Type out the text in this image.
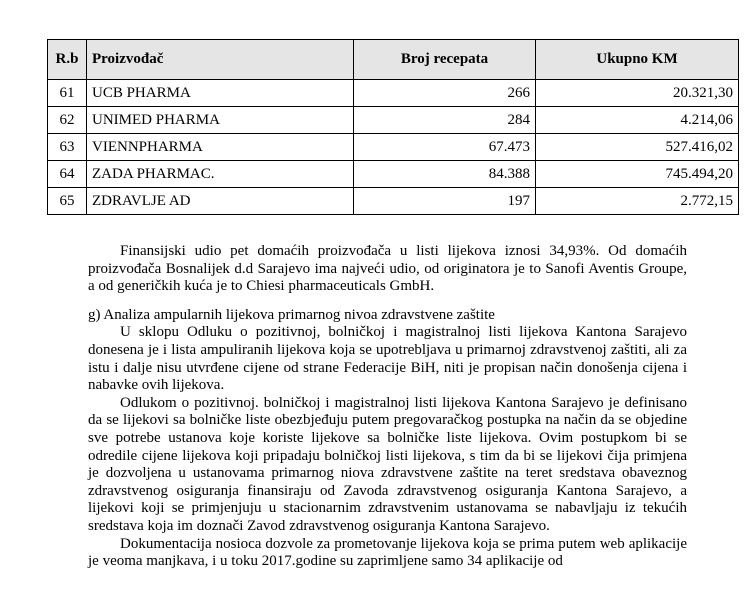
R.b	Proizvođač	Broj recepata	Ukupno KM
61	UCB PHARMA	266	20.321,30
62	UNIMED PHARMA	284	4.214,06
63	VIENNPHARMA	67.473	527.416,02
64	ZADA PHARMAC.	84.388	745.494,20
65	ZDRAVLJE AD	197	2.772,15

Finansijski udio pet domaćih proizvođača u listi lijekova iznosi 34,93%. Od domaćih proizvođača Bosnalijek d.d Sarajevo ima najveći udio, od originatora je to Sanofi Aventis Groupe, a od generičkih kuća je to Chiesi pharmaceuticals GmbH.

g) Analiza ampularnih lijekova primarnog nivoa zdravstvene zaštite

U sklopu Odluku o pozitivnoj, bolničkoj i magistralnoj listi lijekova Kantona Sarajevo donesena je i lista ampuliranih lijekova koja se upotrebljava u primarnoj zdravstvenoj zaštiti, ali za istu i dalje nisu utvrđene cijene od strane Federacije BiH, niti je propisan način donošenja cijena i nabavke ovih lijekova.

Odlukom o pozitivnoj. bolničkoj i magistralnoj listi lijekova Kantona Sarajevo je definisano da se lijekovi sa bolničke liste obezbjeđuju putem pregovaračkog postupka na način da se objedine sve potrebe ustanova koje koriste lijekove sa bolničke liste lijekova. Ovim postupkom bi se odredile cijene lijekova koji pripadaju bolničkoj listi lijekova, s tim da bi se lijekovi čija primjena je dozvoljena u ustanovama primarnog niova zdravstvene zaštite na teret sredstava obaveznog zdravstvenog osiguranja finansiraju od Zavoda zdravstvenog osiguranja Kantona Sarajevo, a lijekovi koji se primjenjuju u stacionarnim zdravstvenim ustanovama se nabavljaju iz tekućih sredstava koja im doznači Zavod zdravstvenog osiguranja Kantona Sarajevo.

Dokumentacija nosioca dozvole za prometovanje lijekova koja se prima putem web aplikacije je veoma manjkava, i u toku 2017.godine su zaprimljene samo 34 aplikacije od
